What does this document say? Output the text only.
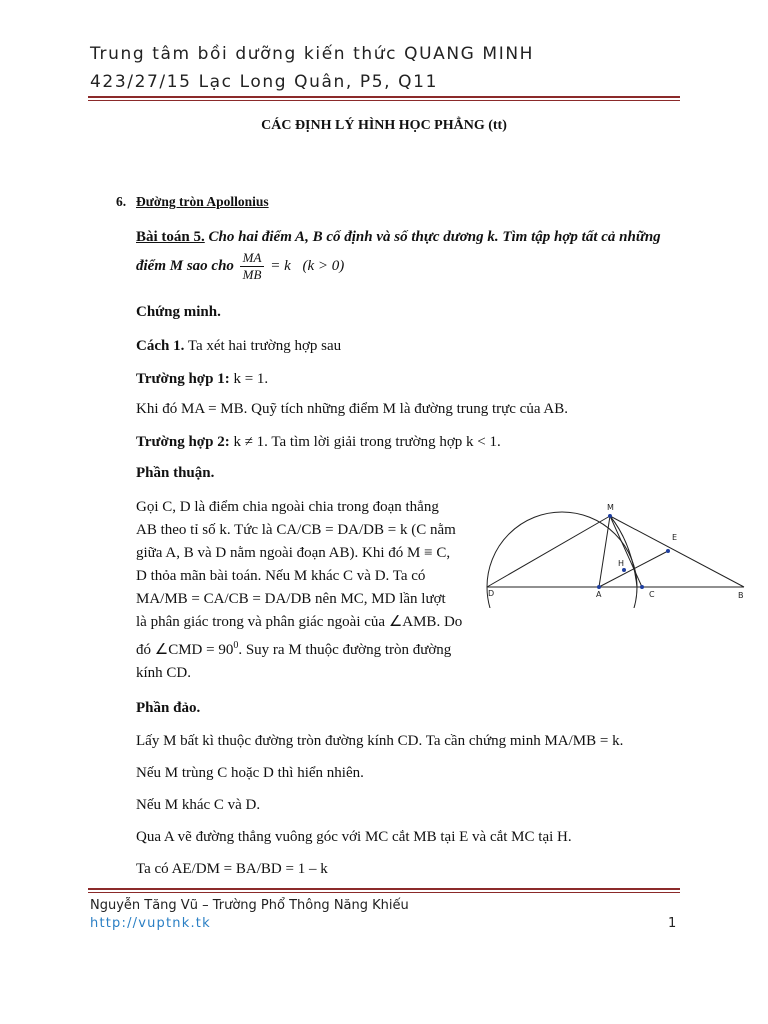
Trung tâm bồi dưỡng kiến thức QUANG MINH
423/27/15 Lạc Long Quân, P5, Q11
CÁC ĐỊNH LÝ HÌNH HỌC PHẲNG (tt)
6. Đường tròn Apollonius
Bài toán 5. Cho hai điểm A, B cố định và số thực dương k. Tìm tập hợp tất cả những
điểm M sao cho $\frac{MA}{MB} = k$ (k > 0)
Chứng minh.
Cách 1. Ta xét hai trường hợp sau
Trường hợp 1: k = 1.
Khi đó MA = MB. Quỹ tích những điểm M là đường trung trực của AB.
Trường hợp 2: k ≠ 1. Ta tìm lời giải trong trường hợp k < 1.
Phần thuận.
Gọi C, D là điểm chia ngoài chia trong đoạn thẳng
AB theo tỉ số k. Tức là CA/CB = DA/DB = k (C nằm
giữa A, B và D nằm ngoài đoạn AB). Khi đó M ≡ C,
D thỏa mãn bài toán. Nếu M khác C và D. Ta có
MA/MB = CA/CB = DA/DB nên MC, MD lần lượt
là phân giác trong và phân giác ngoài của ∠AMB. Do
đó ∠CMD = $90^0$. Suy ra M thuộc đường tròn đường
kính CD.
M
E
H
D	A	C	B
Phần đảo.
Lấy M bất kì thuộc đường tròn đường kính CD. Ta cần chứng minh MA/MB = k.
Nếu M trùng C hoặc D thì hiển nhiên.
Nếu M khác C và D.
Qua A vẽ đường thẳng vuông góc với MC cắt MB tại E và cắt MC tại H.
Ta có AE/DM = BA/BD = 1 – k
Nguyễn Tăng Vũ – Trường Phổ Thông Năng Khiếu
http://vuptnk.tk	1
